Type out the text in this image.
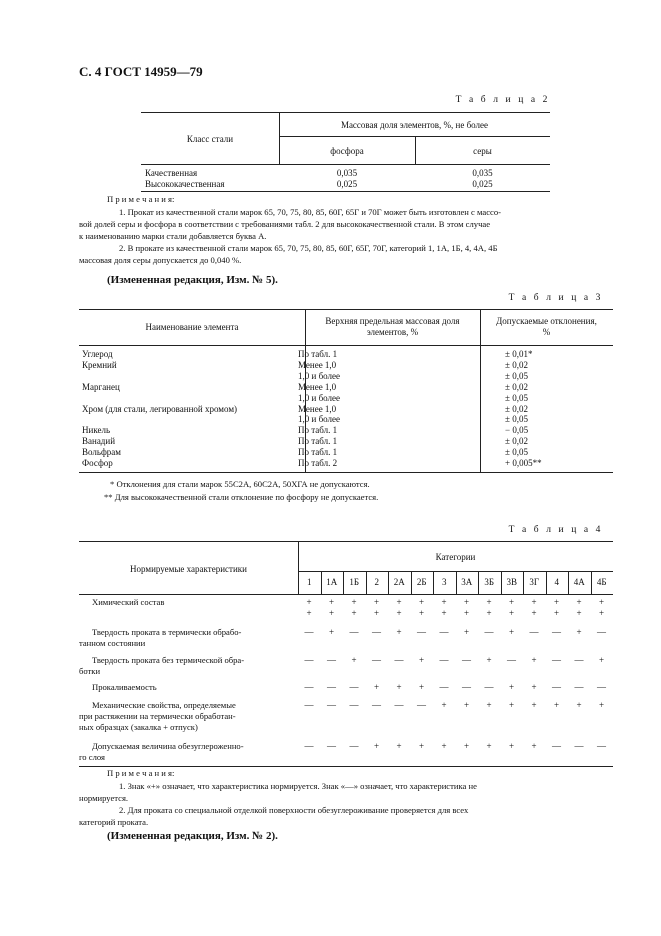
С. 4 ГОСТ 14959—79
Т а б л и ц а 2
Класс стали
Массовая доля элементов, %, не более
фосфора	серы
Качественная	0,035	0,035
Высококачественная	0,025	0,025
П р и м е ч а н и я:
1. Прокат из качественной стали марок 65, 70, 75, 80, 85, 60Г, 65Г и 70Г может быть изготовлен с массо-
вой долей серы и фосфора в соответствии с требованиями табл. 2 для высококачественной стали. В этом случае
к наименованию марки стали добавляется буква А.
2. В прокате из качественной стали марок 65, 70, 75, 80, 85, 60Г, 65Г, 70Г, категорий 1, 1А, 1Б, 4, 4А, 4Б
массовая доля серы допускается до 0,040 %.
(Измененная редакция, Изм. № 5).
Т а б л и ц а 3
Наименование элемента
Верхняя предельная массовая доля
элементов, %
Допускаемые отклонения,
%
Углерод	По табл. 1	± 0,01*
Кремний	Менее 1,0	± 0,02
1,0 и более	± 0,05
Марганец	Менее 1,0	± 0,02
1,0 и более	± 0,05
Хром (для стали, легированной хромом)	Менее 1,0	± 0,02
1,0 и более	± 0,05
Никель	По табл. 1	− 0,05
Ванадий	По табл. 1	± 0,02
Вольфрам	По табл. 1	± 0,05
Фосфор	По табл. 2	+ 0,005**
* Отклонения для стали марок 55С2А, 60С2А, 50ХГА не допускаются.
** Для высококачественной стали отклонение по фосфору не допускается.
Т а б л и ц а 4
Нормируемые характеристики
Категории
1	1А	1Б	2	2А	2Б	3	3А	3Б	3В	3Г	4	4А	4Б
Химический состав	+	+	+	+	+	+	+	+	+	+	+	+	+	+
+	+	+	+	+	+	+	+	+	+	+	+	+	+
Твердость проката в термически обрабо-
танном состоянии
—	+	—	—	+	—	—	+	—	+	—	—	+	—
Твердость проката без термической обра-
ботки
—	—	+	—	—	+	—	—	+	—	+	—	—	+
Прокаливаемость	—	—	—	+	+	+	—	—	—	+	+	—	—	—
Механические свойства, определяемые
при растяжении на термически обработан-
ных образцах (закалка + отпуск)
—	—	—	—	—	—	+	+	+	+	+	+	+	+
Допускаемая величина обезуглероженно-
го слоя
—	—	—	+	+	+	+	+	+	+	+	—	—	—
П р и м е ч а н и я:
1. Знак «+» означает, что характеристика нормируется. Знак «—» означает, что характеристика не
нормируется.
2. Для проката со специальной отделкой поверхности обезуглероживание проверяется для всех
категорий проката.
(Измененная редакция, Изм. № 2).
